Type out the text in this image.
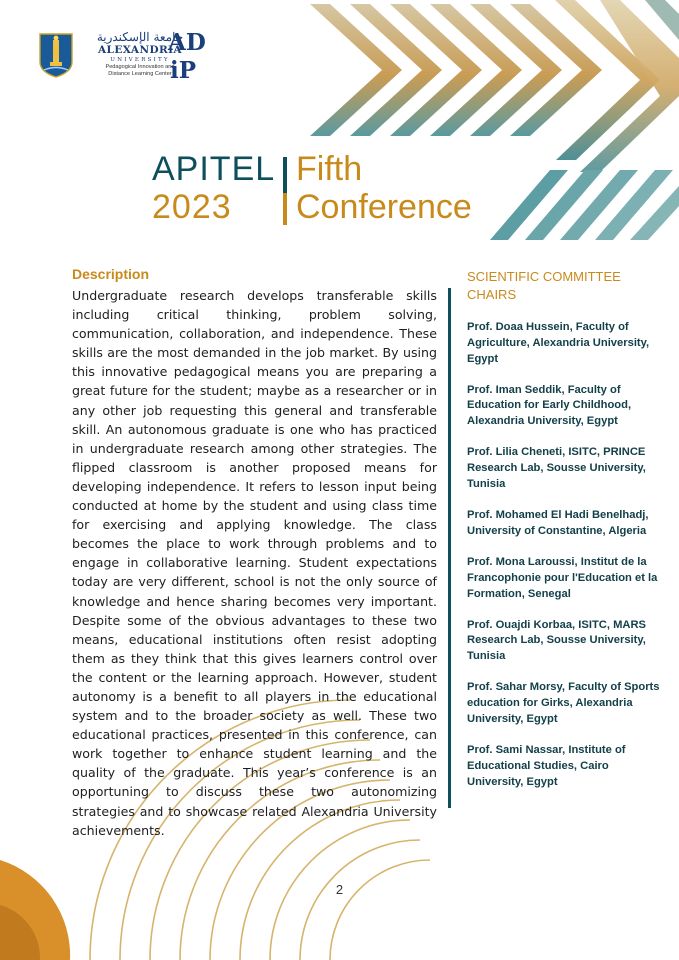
جامعة الإسكندرية
ALEXANDRIA
UNIVERSITY
Pedagogical Innovation and
Distance Learning Center
AD
iP
APITEL
2023
Fifth
Conference
Description
Undergraduate research develops transferable skills including critical thinking, problem solving, communication, collaboration, and independence. These skills are the most demanded in the job market. By using this innovative pedagogical means you are preparing a great future for the student; maybe as a researcher or in any other job requesting this general and transferable skill. An autonomous graduate is one who has practiced in undergraduate research among other strategies. The flipped classroom is another proposed means for developing independence. It refers to lesson input being conducted at home by the student and using class time for exercising and applying knowledge. The class becomes the place to work through problems and to engage in collaborative learning. Student expectations today are very different, school is not the only source of knowledge and hence sharing becomes very important. Despite some of the obvious advantages to these two means, educational institutions often resist adopting them as they think that this gives learners control over the content or the learning approach. However, student autonomy is a benefit to all players in the educational system and to the broader society as well. These two educational practices, presented in this conference, can work together to enhance student learning and the quality of the graduate. This year’s conference is an opportuning to discuss these two autonomizing strategies and to showcase related Alexandria University achievements.
SCIENTIFIC COMMITTEE CHAIRS
Prof. Doaa Hussein, Faculty of Agriculture, Alexandria University, Egypt
Prof. Iman Seddik, Faculty of Education for Early Childhood, Alexandria University, Egypt
Prof. Lilia Cheneti, ISITC, PRINCE Research Lab, Sousse University, Tunisia
Prof. Mohamed El Hadi Benelhadj, University of Constantine, Algeria
Prof. Mona Laroussi, Institut de la Francophonie pour l'Education et la Formation, Senegal
Prof. Ouajdi Korbaa, ISITC, MARS Research Lab, Sousse University, Tunisia
Prof. Sahar Morsy, Faculty of Sports education for Girks, Alexandria University, Egypt
Prof. Sami Nassar, Institute of Educational Studies, Cairo University, Egypt
2
